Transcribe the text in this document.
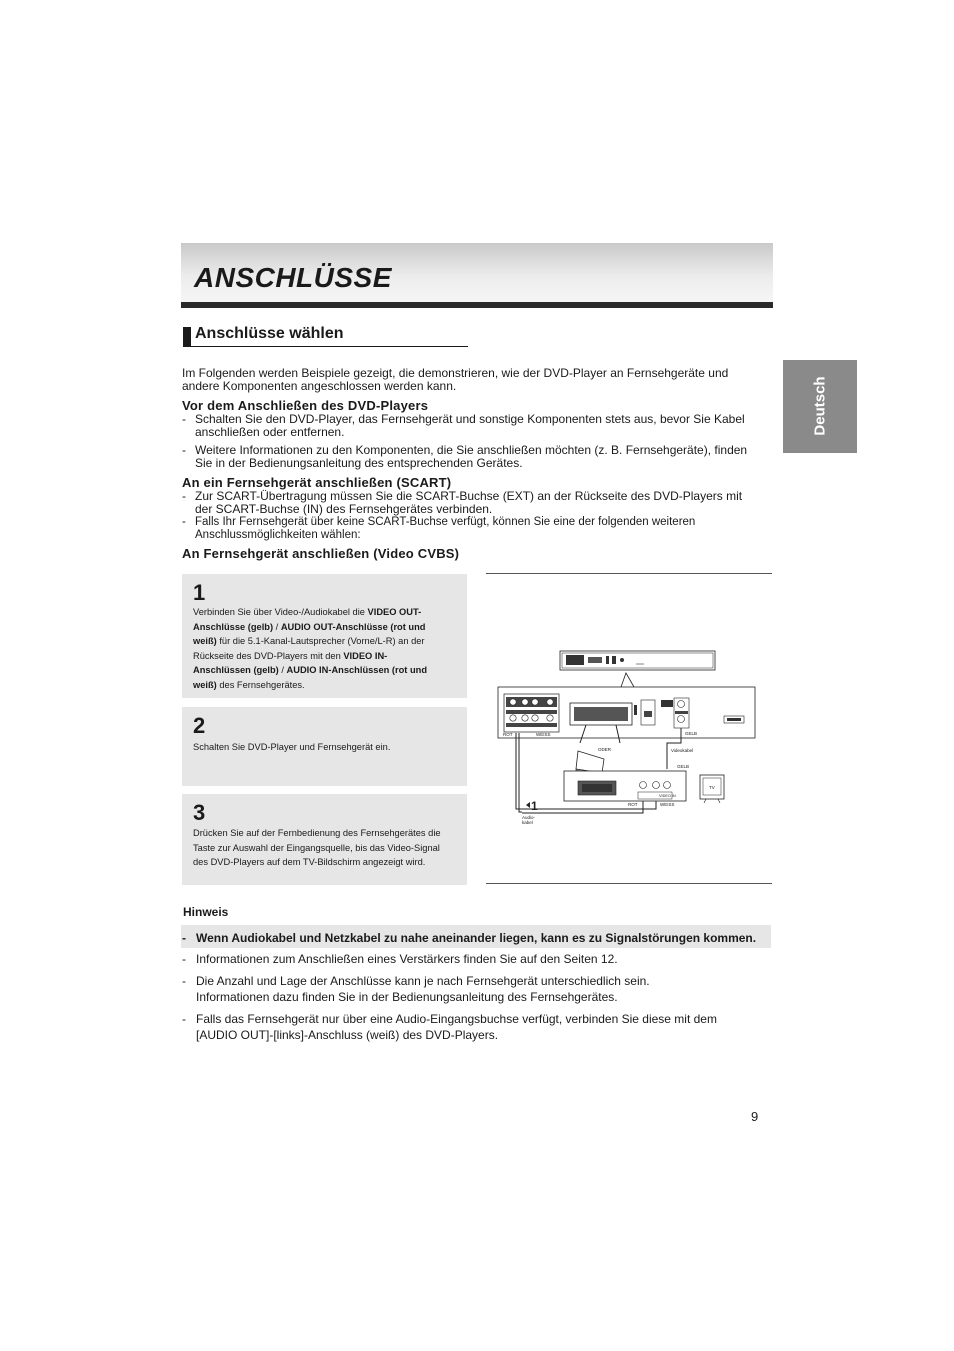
ANSCHLÜSSE
Deutsch
Anschlüsse wählen
Im Folgenden werden Beispiele gezeigt, die demonstrieren, wie der DVD-Player an Fernsehgeräte und
andere Komponenten angeschlossen werden kann.
Vor dem Anschließen des DVD-Players
- Schalten Sie den DVD-Player, das Fernsehgerät und sonstige Komponenten stets aus, bevor Sie Kabel
anschließen oder entfernen.
- Weitere Informationen zu den Komponenten, die Sie anschließen möchten (z. B. Fernsehgeräte), finden
Sie in der Bedienungsanleitung des entsprechenden Gerätes.
An ein Fernsehgerät anschließen (SCART)
- Zur SCART-Übertragung müssen Sie die SCART-Buchse (EXT) an der Rückseite des DVD-Players mit
der SCART-Buchse (IN) des Fernsehgerätes verbinden.
- Falls Ihr Fernsehgerät über keine SCART-Buchse verfügt, können Sie eine der folgenden weiteren
Anschlussmöglichkeiten wählen:
An Fernsehgerät anschließen (Video CVBS)
1
Verbinden Sie über Video-/Audiokabel die VIDEO OUT-
Anschlüsse (gelb) / AUDIO OUT-Anschlüsse (rot und
weiß) für die 5.1-Kanal-Lautsprecher (Vorne/L-R) an der
Rückseite des DVD-Players mit den VIDEO IN-
Anschlüssen (gelb) / AUDIO IN-Anschlüssen (rot und
weiß) des Fernsehgerätes.
2
Schalten Sie DVD-Player und Fernsehgerät ein.
3
Drücken Sie auf der Fernbedienung des Fernsehgerätes die
Taste zur Auswahl der Eingangsquelle, bis das Video-Signal
des DVD-Players auf dem TV-Bildschirm angezeigt wird.
ROT	WEISS	GELB
ODER	Videokabel
GELB
VIDEO IN
ROT	WEISS
TV
1
Audio-
kabel
Hinweis
- Wenn Audiokabel und Netzkabel zu nahe aneinander liegen, kann es zu Signalstörungen kommen.
- Informationen zum Anschließen eines Verstärkers finden Sie auf den Seiten 12.
- Die Anzahl und Lage der Anschlüsse kann je nach Fernsehgerät unterschiedlich sein.
Informationen dazu finden Sie in der Bedienungsanleitung des Fernsehgerätes.
- Falls das Fernsehgerät nur über eine Audio-Eingangsbuchse verfügt, verbinden Sie diese mit dem
[AUDIO OUT]-[links]-Anschluss (weiß) des DVD-Players.
9
